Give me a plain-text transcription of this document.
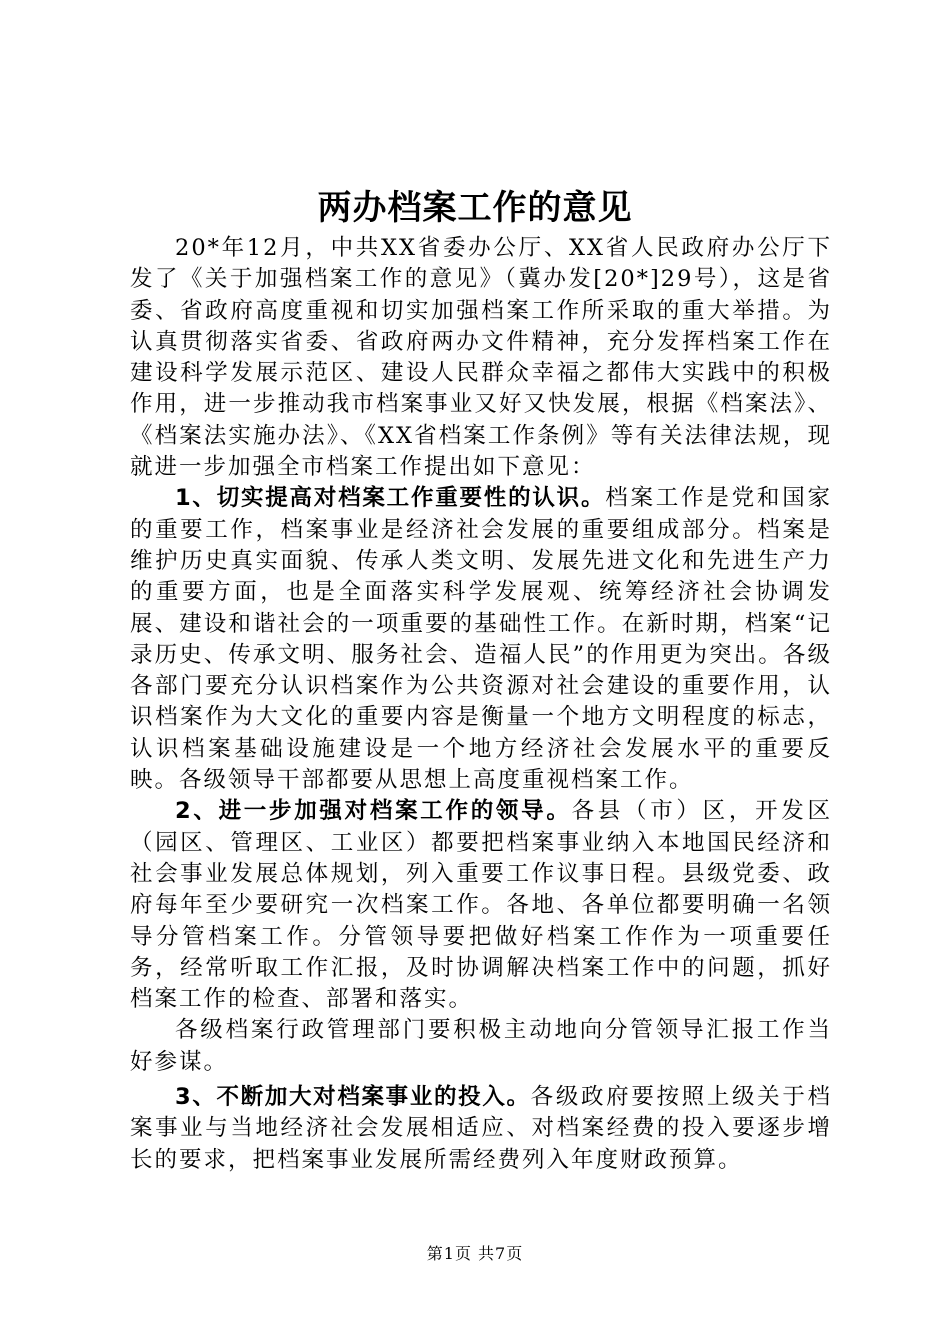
两办档案工作的意见

20*年12月，中共XX省委办公厅、XX省人民政府办公厅下发了《关于加强档案工作的意见》（冀办发[20*]29号），这是省委、省政府高度重视和切实加强档案工作所采取的重大举措。为认真贯彻落实省委、省政府两办文件精神，充分发挥档案工作在建设科学发展示范区、建设人民群众幸福之都伟大实践中的积极作用，进一步推动我市档案事业又好又快发展，根据《档案法》、《档案法实施办法》、《XX省档案工作条例》等有关法律法规，现就进一步加强全市档案工作提出如下意见：

1、切实提高对档案工作重要性的认识。档案工作是党和国家的重要工作，档案事业是经济社会发展的重要组成部分。档案是维护历史真实面貌、传承人类文明、发展先进文化和先进生产力的重要方面，也是全面落实科学发展观、统筹经济社会协调发展、建设和谐社会的一项重要的基础性工作。在新时期，档案“记录历史、传承文明、服务社会、造福人民”的作用更为突出。各级各部门要充分认识档案作为公共资源对社会建设的重要作用，认识档案作为大文化的重要内容是衡量一个地方文明程度的标志，认识档案基础设施建设是一个地方经济社会发展水平的重要反映。各级领导干部都要从思想上高度重视档案工作。

2、进一步加强对档案工作的领导。各县（市）区，开发区（园区、管理区、工业区）都要把档案事业纳入本地国民经济和社会事业发展总体规划，列入重要工作议事日程。县级党委、政府每年至少要研究一次档案工作。各地、各单位都要明确一名领导分管档案工作。分管领导要把做好档案工作作为一项重要任务，经常听取工作汇报，及时协调解决档案工作中的问题，抓好档案工作的检查、部署和落实。

各级档案行政管理部门要积极主动地向分管领导汇报工作当好参谋。

3、不断加大对档案事业的投入。各级政府要按照上级关于档案事业与当地经济社会发展相适应、对档案经费的投入要逐步增长的要求，把档案事业发展所需经费列入年度财政预算。

第1页 共7页
